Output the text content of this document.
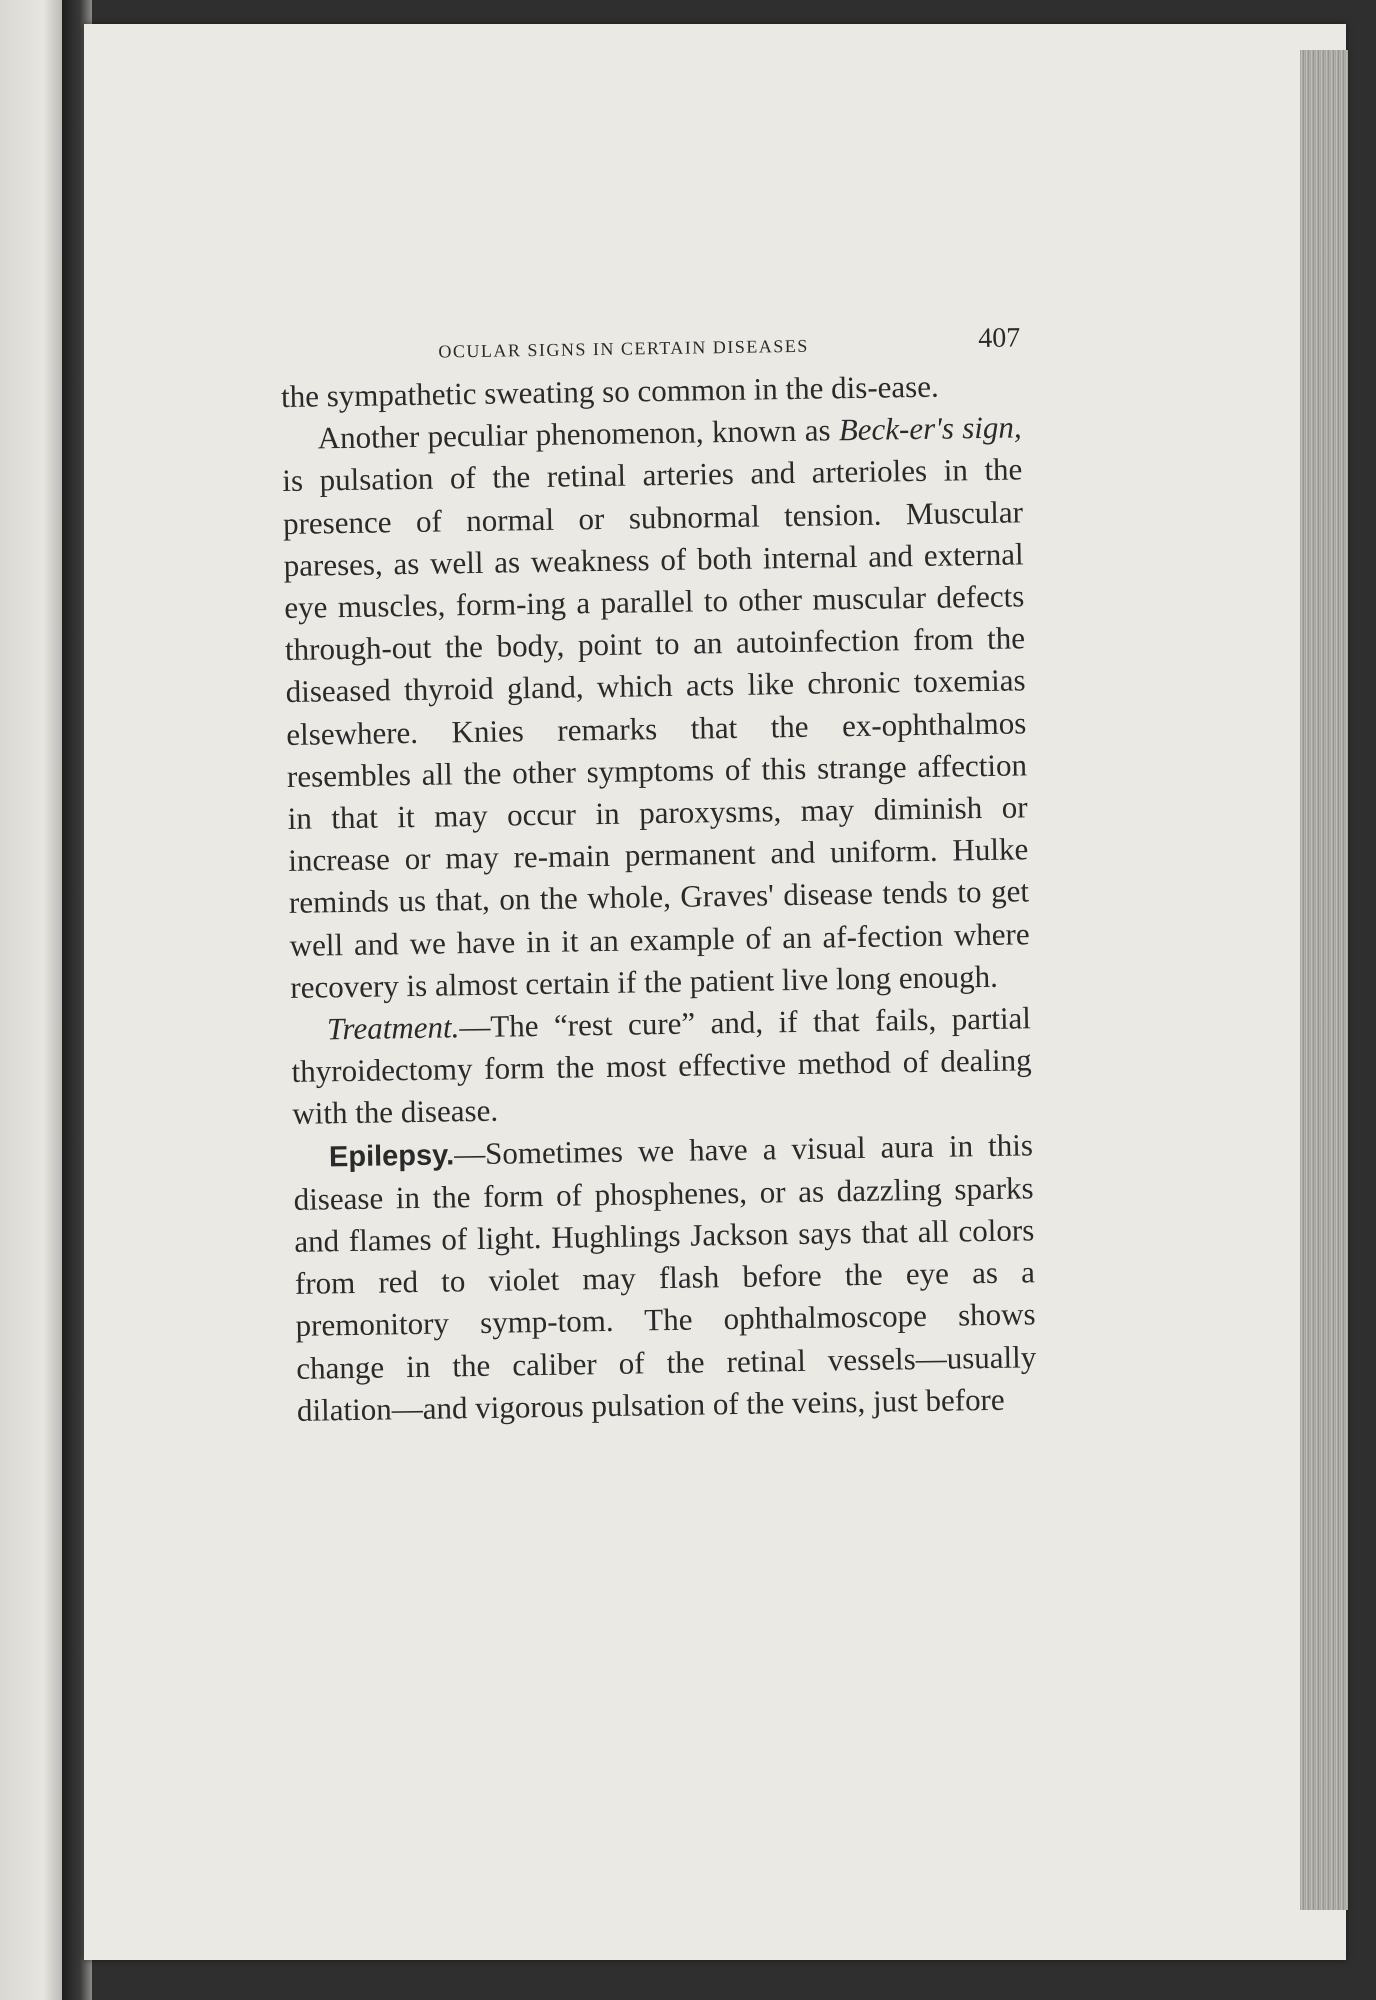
OCULAR SIGNS IN CERTAIN DISEASES	407

the sympathetic sweating so common in the dis-ease.

Another peculiar phenomenon, known as Beck-er's sign, is pulsation of the retinal arteries and arterioles in the presence of normal or subnormal tension. Muscular pareses, as well as weakness of both internal and external eye muscles, form-ing a parallel to other muscular defects through-out the body, point to an autoinfection from the diseased thyroid gland, which acts like chronic toxemias elsewhere. Knies remarks that the ex-ophthalmos resembles all the other symptoms of this strange affection in that it may occur in paroxysms, may diminish or increase or may re-main permanent and uniform. Hulke reminds us that, on the whole, Graves' disease tends to get well and we have in it an example of an af-fection where recovery is almost certain if the patient live long enough.

Treatment.—The “rest cure” and, if that fails, partial thyroidectomy form the most effective method of dealing with the disease.

Epilepsy.—Sometimes we have a visual aura in this disease in the form of phosphenes, or as dazzling sparks and flames of light. Hughlings Jackson says that all colors from red to violet may flash before the eye as a premonitory symp-tom. The ophthalmoscope shows change in the caliber of the retinal vessels—usually dilation—and vigorous pulsation of the veins, just before
